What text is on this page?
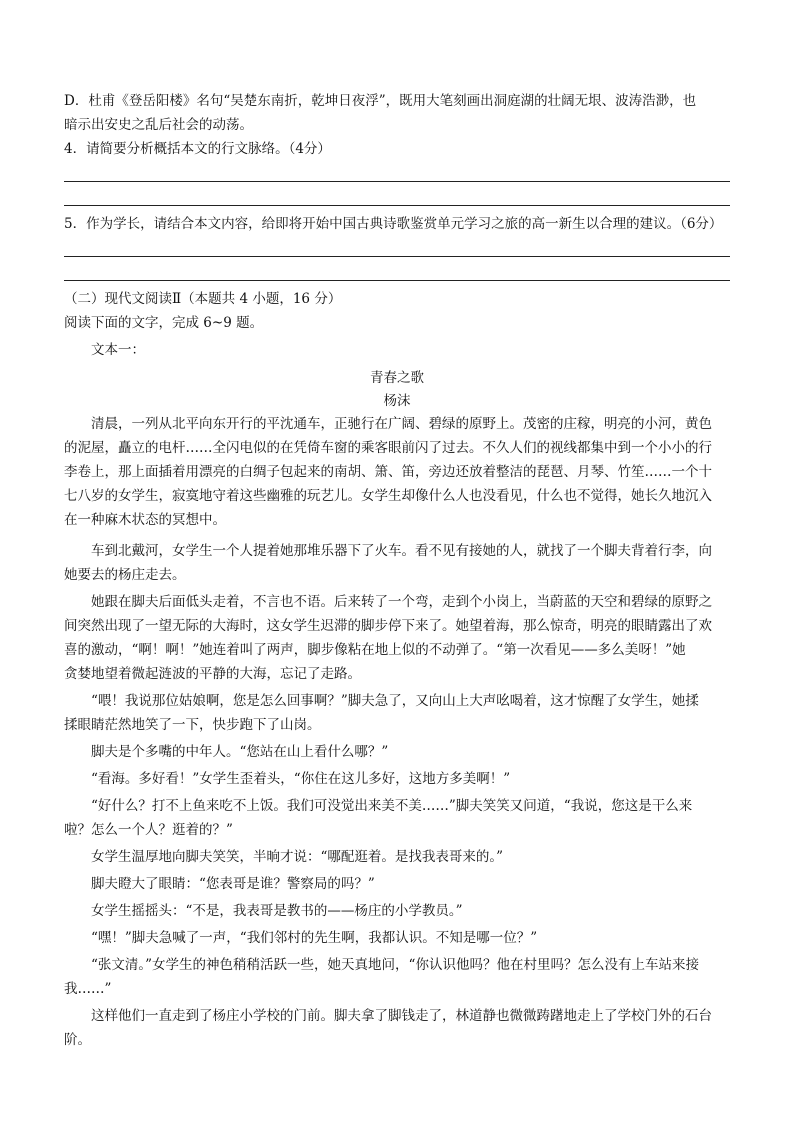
D．杜甫《登岳阳楼》名句“吴楚东南折，乾坤日夜浮”，既用大笔刻画出洞庭湖的壮阔无垠、波涛浩渺，也
暗示出安史之乱后社会的动荡。
4．请简要分析概括本文的行文脉络。（4分）
5．作为学长，请结合本文内容，给即将开始中国古典诗歌鉴赏单元学习之旅的高一新生以合理的建议。（6分）
（二）现代文阅读Ⅱ（本题共 4 小题，16 分）
阅读下面的文字，完成 6~9 题。
文本一：
青春之歌
杨沫
清晨，一列从北平向东开行的平沈通车，正驰行在广阔、碧绿的原野上。茂密的庄稼，明亮的小河，黄色
的泥屋，矗立的电杆……全闪电似的在凭倚车窗的乘客眼前闪了过去。不久人们的视线都集中到一个小小的行
李卷上，那上面插着用漂亮的白绸子包起来的南胡、箫、笛，旁边还放着整洁的琵琶、月琴、竹笙……一个十
七八岁的女学生，寂寞地守着这些幽雅的玩艺儿。女学生却像什么人也没看见，什么也不觉得，她长久地沉入
在一种麻木状态的冥想中。
车到北戴河，女学生一个人提着她那堆乐器下了火车。看不见有接她的人，就找了一个脚夫背着行李，向
她要去的杨庄走去。
她跟在脚夫后面低头走着，不言也不语。后来转了一个弯，走到个小岗上，当蔚蓝的天空和碧绿的原野之
间突然出现了一望无际的大海时，这女学生迟滞的脚步停下来了。她望着海，那么惊奇，明亮的眼睛露出了欢
喜的激动，“啊！啊！”她连着叫了两声，脚步像粘在地上似的不动弹了。“第一次看见——多么美呀！”她
贪婪地望着微起涟波的平静的大海，忘记了走路。
“喂！我说那位姑娘啊，您是怎么回事啊？”脚夫急了，又向山上大声吆喝着，这才惊醒了女学生，她揉
揉眼睛茫然地笑了一下，快步跑下了山岗。
脚夫是个多嘴的中年人。“您站在山上看什么哪？”
“看海。多好看！”女学生歪着头，“你住在这儿多好，这地方多美啊！”
“好什么？打不上鱼来吃不上饭。我们可没觉出来美不美……”脚夫笑笑又问道，“我说，您这是干么来
啦？怎么一个人？逛着的？”
女学生温厚地向脚夫笑笑，半晌才说：“哪配逛着。是找我表哥来的。”
脚夫瞪大了眼睛：“您表哥是谁？警察局的吗？”
女学生摇摇头：“不是，我表哥是教书的——杨庄的小学教员。”
“嘿！”脚夫急喊了一声，“我们邻村的先生啊，我都认识。不知是哪一位？”
“张文清。”女学生的神色稍稍活跃一些，她天真地问，“你认识他吗？他在村里吗？怎么没有上车站来接
我……”
这样他们一直走到了杨庄小学校的门前。脚夫拿了脚钱走了，林道静也微微踌躇地走上了学校门外的石台
阶。
